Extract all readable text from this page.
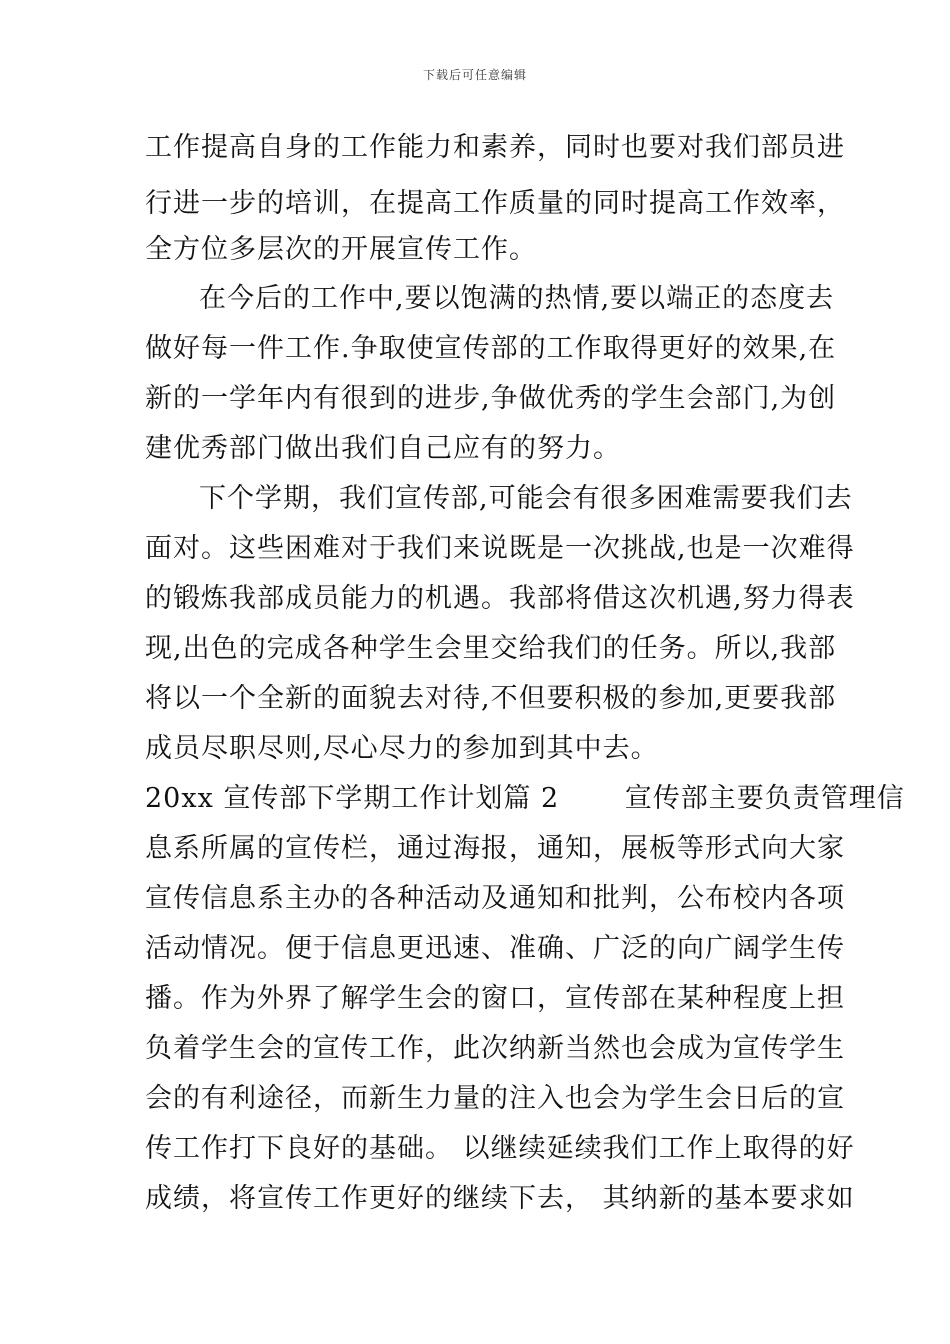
下载后可任意编辑
工作提高自身的工作能力和素养，同时也要对我们部员进
行进一步的培训，在提高工作质量的同时提高工作效率，
全方位多层次的开展宣传工作。
在今后的工作中,要以饱满的热情,要以端正的态度去
做好每一件工作.争取使宣传部的工作取得更好的效果,在
新的一学年内有很到的进步,争做优秀的学生会部门,为创
建优秀部门做出我们自己应有的努力。
下个学期，我们宣传部,可能会有很多困难需要我们去
面对。这些困难对于我们来说既是一次挑战,也是一次难得
的锻炼我部成员能力的机遇。我部将借这次机遇,努力得表
现,出色的完成各种学生会里交给我们的任务。所以,我部
将以一个全新的面貌去对待,不但要积极的参加,更要我部
成员尽职尽则,尽心尽力的参加到其中去。
20xx 宣传部下学期工作计划篇 2　　 宣传部主要负责管理信
息系所属的宣传栏，通过海报，通知，展板等形式向大家
宣传信息系主办的各种活动及通知和批判，公布校内各项
活动情况。便于信息更迅速、准确、广泛的向广阔学生传
播。作为外界了解学生会的窗口，宣传部在某种程度上担
负着学生会的宣传工作，此次纳新当然也会成为宣传学生
会的有利途径，而新生力量的注入也会为学生会日后的宣
传工作打下良好的基础。 以继续延续我们工作上取得的好
成绩，将宣传工作更好的继续下去， 其纳新的基本要求如
